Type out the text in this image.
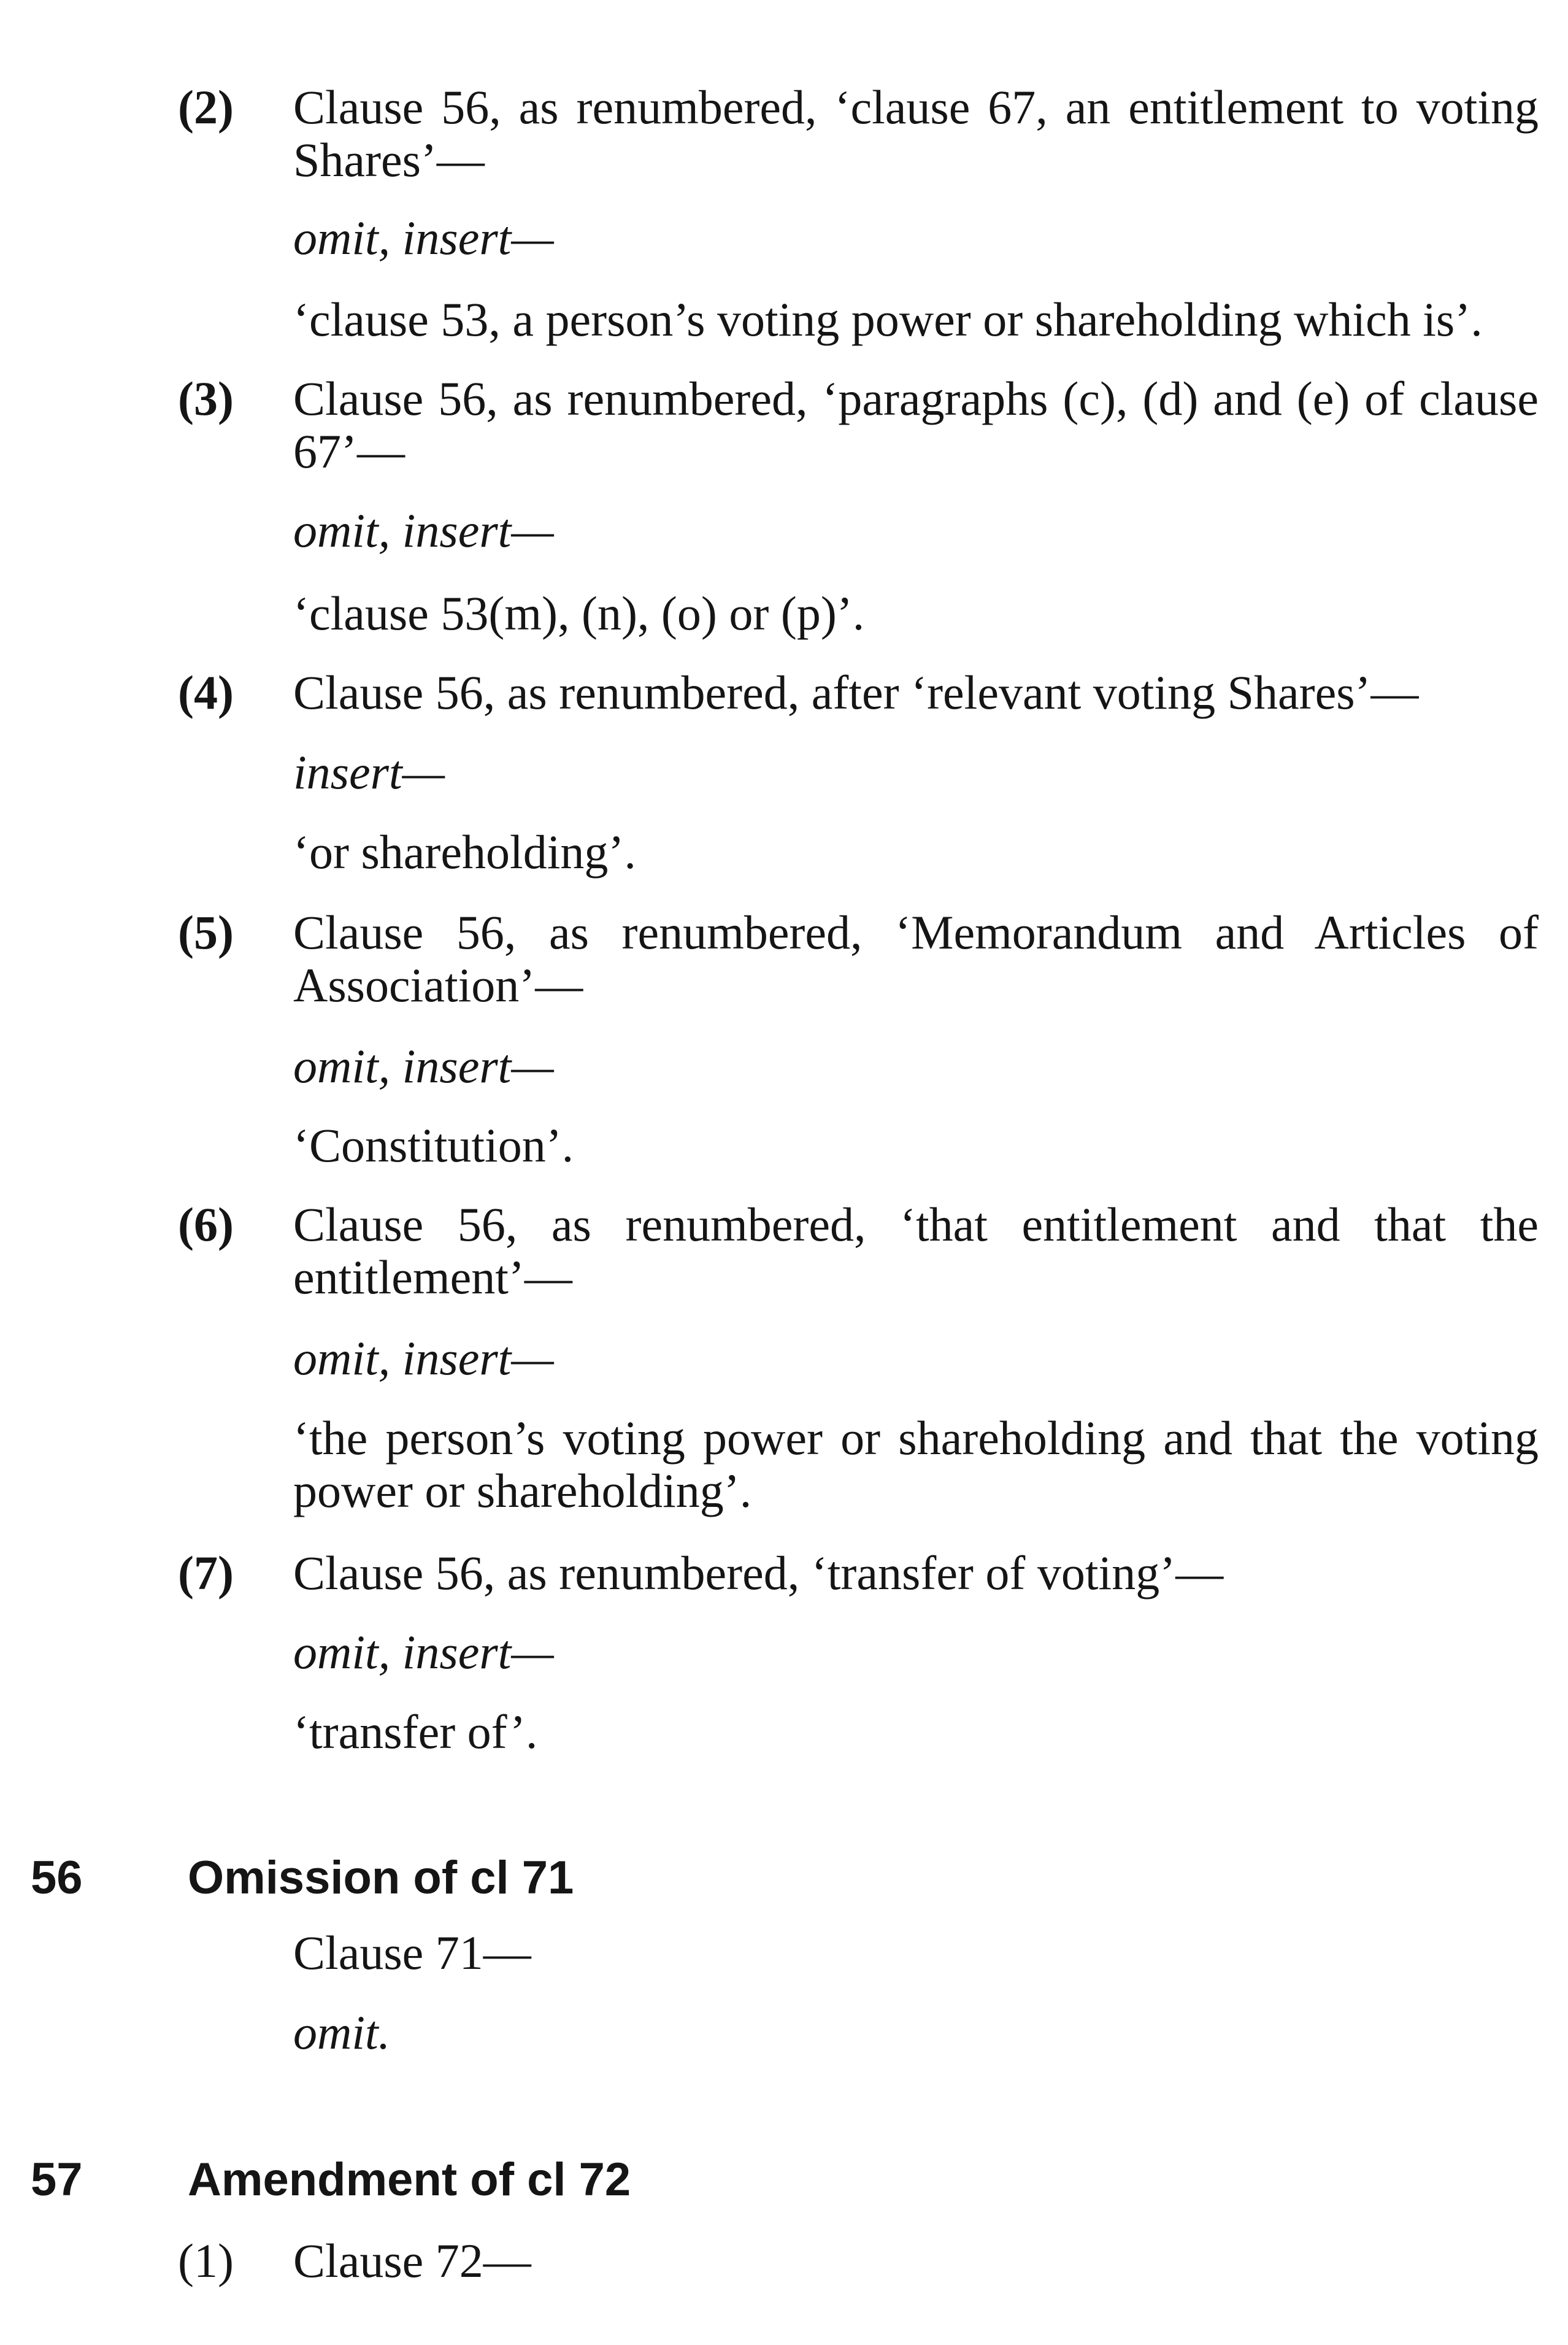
(2)	Clause 56, as renumbered, ‘clause 67, an entitlement to voting Shares’—

omit, insert—

‘clause 53, a person’s voting power or shareholding which is’.

(3)	Clause 56, as renumbered, ‘paragraphs (c), (d) and (e) of clause 67’—

omit, insert—

‘clause 53(m), (n), (o) or (p)’.

(4)	Clause 56, as renumbered, after ‘relevant voting Shares’—

insert—

‘or shareholding’.

(5)	Clause 56, as renumbered, ‘Memorandum and Articles of Association’—

omit, insert—

‘Constitution’.

(6)	Clause 56, as renumbered, ‘that entitlement and that the entitlement’—

omit, insert—

‘the person’s voting power or shareholding and that the voting power or shareholding’.

(7)	Clause 56, as renumbered, ‘transfer of voting’—

omit, insert—

‘transfer of’.

56 Omission of cl 71

Clause 71—

omit.

57 Amendment of cl 72
(1)	Clause 72—
